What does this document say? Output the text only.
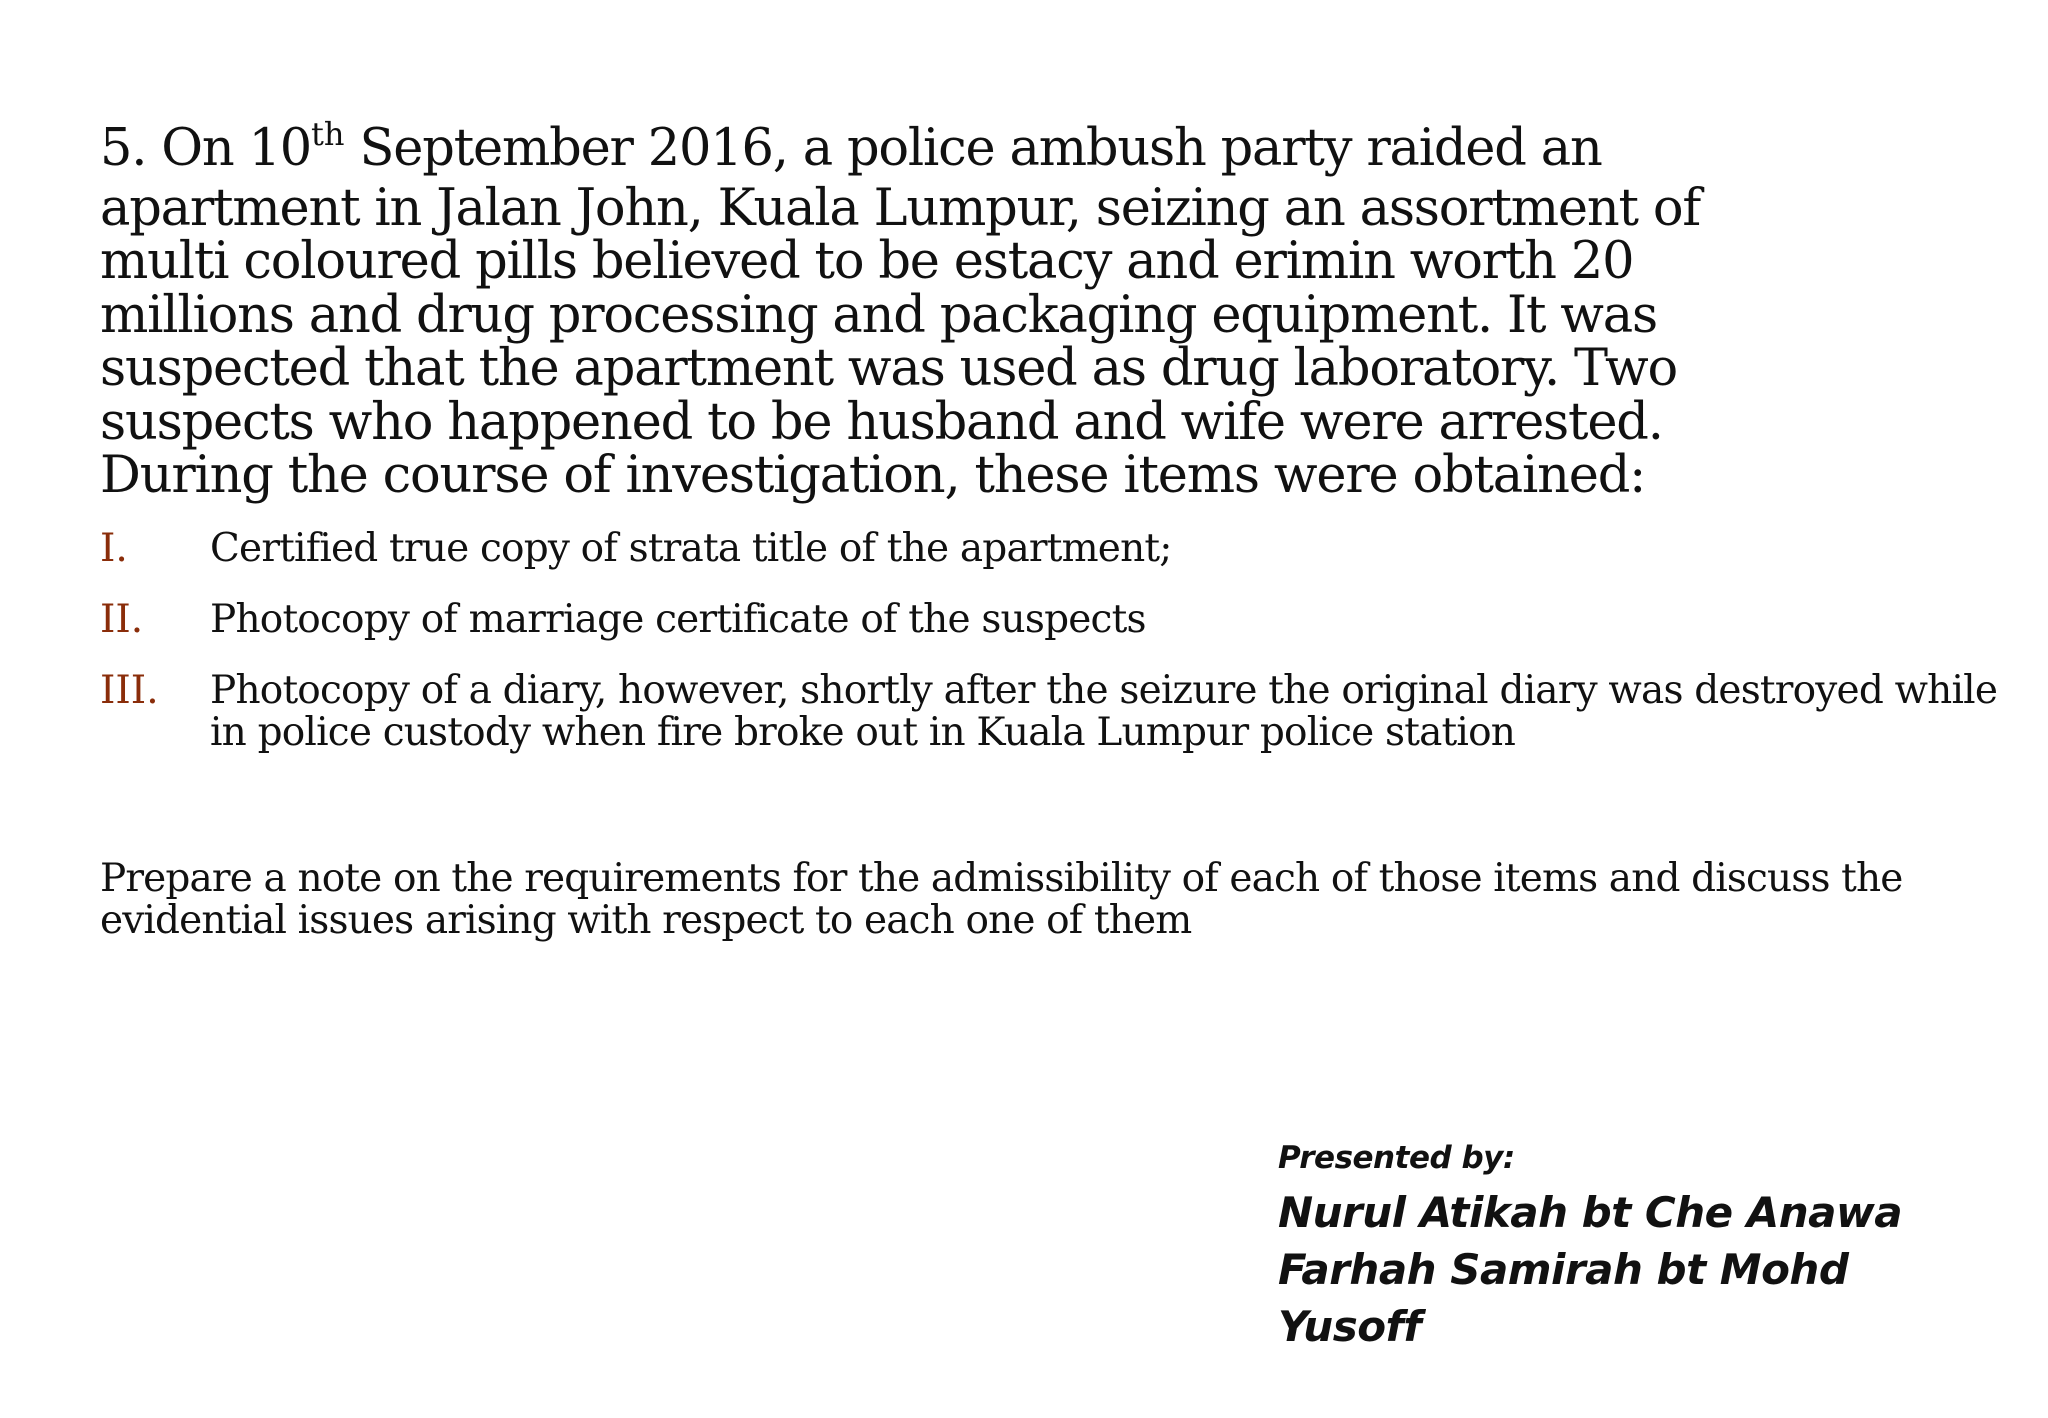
5. On 10th September 2016, a police ambush party raided an
apartment in Jalan John, Kuala Lumpur, seizing an assortment of
multi coloured pills believed to be estacy and erimin worth 20
millions and drug processing and packaging equipment. It was
suspected that the apartment was used as drug laboratory. Two
suspects who happened to be husband and wife were arrested.
During the course of investigation, these items were obtained:
I. Certified true copy of strata title of the apartment;
II. Photocopy of marriage certificate of the suspects
III. Photocopy of a diary, however, shortly after the seizure the original diary was destroyed while in police custody when fire broke out in Kuala Lumpur police station
Prepare a note on the requirements for the admissibility of each of those items and discuss the evidential issues arising with respect to each one of them
Presented by:
Nurul Atikah bt Che Anawa
Farhah Samirah bt Mohd Yusoff
